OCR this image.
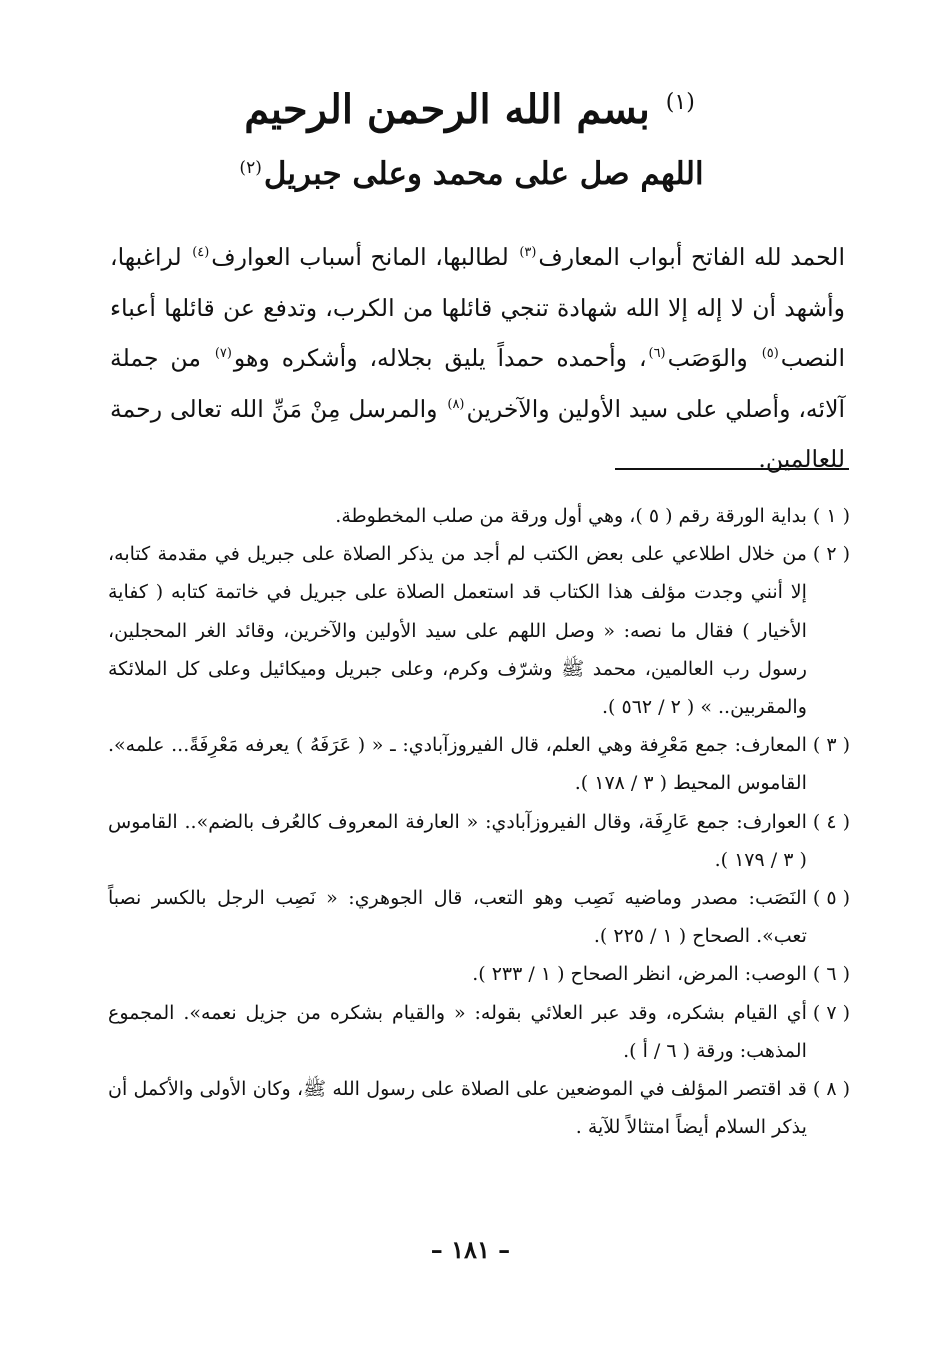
$^{(١)}$ بسم الله الرحمن الرحيم
اللهم صل على محمد وعلى جبريل$^{(٢)}$

الحمد لله الفاتح أبواب المعارف$^{(٣)}$ لطالبها، المانح أسباب العوارف$^{(٤)}$ لراغبها، وأشهد أن لا إله إلا الله شهادة تنجي قائلها من الكرب، وتدفع عن قائلها أعباء النصب$^{(٥)}$ والوَصَب$^{(٦)}$، وأحمده حمداً يليق بجلاله، وأشكره وهو$^{(٧)}$ من جملة آلائه، وأصلي على سيد الأولين والآخرين$^{(٨)}$ والمرسل مِنْ مَنِّ الله تعالى رحمة للعالمين.

( ١ )
بداية الورقة رقم ( ٥ )، وهي أول ورقة من صلب المخطوطة.
( ٢ )
من خلال اطلاعي على بعض الكتب لم أجد من يذكر الصلاة على جبريل في مقدمة كتابه، إلا أنني وجدت مؤلف هذا الكتاب قد استعمل الصلاة على جبريل في خاتمة كتابه ( كفاية الأخيار ) فقال ما نصه: « وصل اللهم على سيد الأولين والآخرين، وقائد الغر المحجلين، رسول رب العالمين، محمد ﷺ وشرّف وكرم، وعلى جبريل وميكائيل وعلى كل الملائكة والمقربين.. » ( ٢ / ٥٦٢ ).
( ٣ )
المعارف: جمع مَعْرِفة وهي العلم، قال الفيروزآبادي: ـ « ( عَرَفَهُ ) يعرفه مَعْرِفَةً... علمه». القاموس المحيط ( ٣ / ١٧٨ ).
( ٤ )
العوارف: جمع عَارِفَة، وقال الفيروزآبادي: « العارفة المعروف كالعُرف بالضم».. القاموس ( ٣ / ١٧٩ ).
( ٥ )
النَصَب: مصدر وماضيه نَصِب وهو التعب، قال الجوهري: « نَصِب الرجل بالكسر نصباً تعب». الصحاح ( ١ / ٢٢٥ ).
( ٦ )
الوصب: المرض، انظر الصحاح ( ١ / ٢٣٣ ).
( ٧ )
أي القيام بشكره، وقد عبر العلائي بقوله: « والقيام بشكره من جزيل نعمه». المجموع المذهب: ورقة ( ٦ / أ ).
( ٨ )
قد اقتصر المؤلف في الموضعين على الصلاة على رسول الله ﷺ، وكان الأولى والأكمل أن يذكر السلام أيضاً امتثالاً للآية .
– ١٨١ –
